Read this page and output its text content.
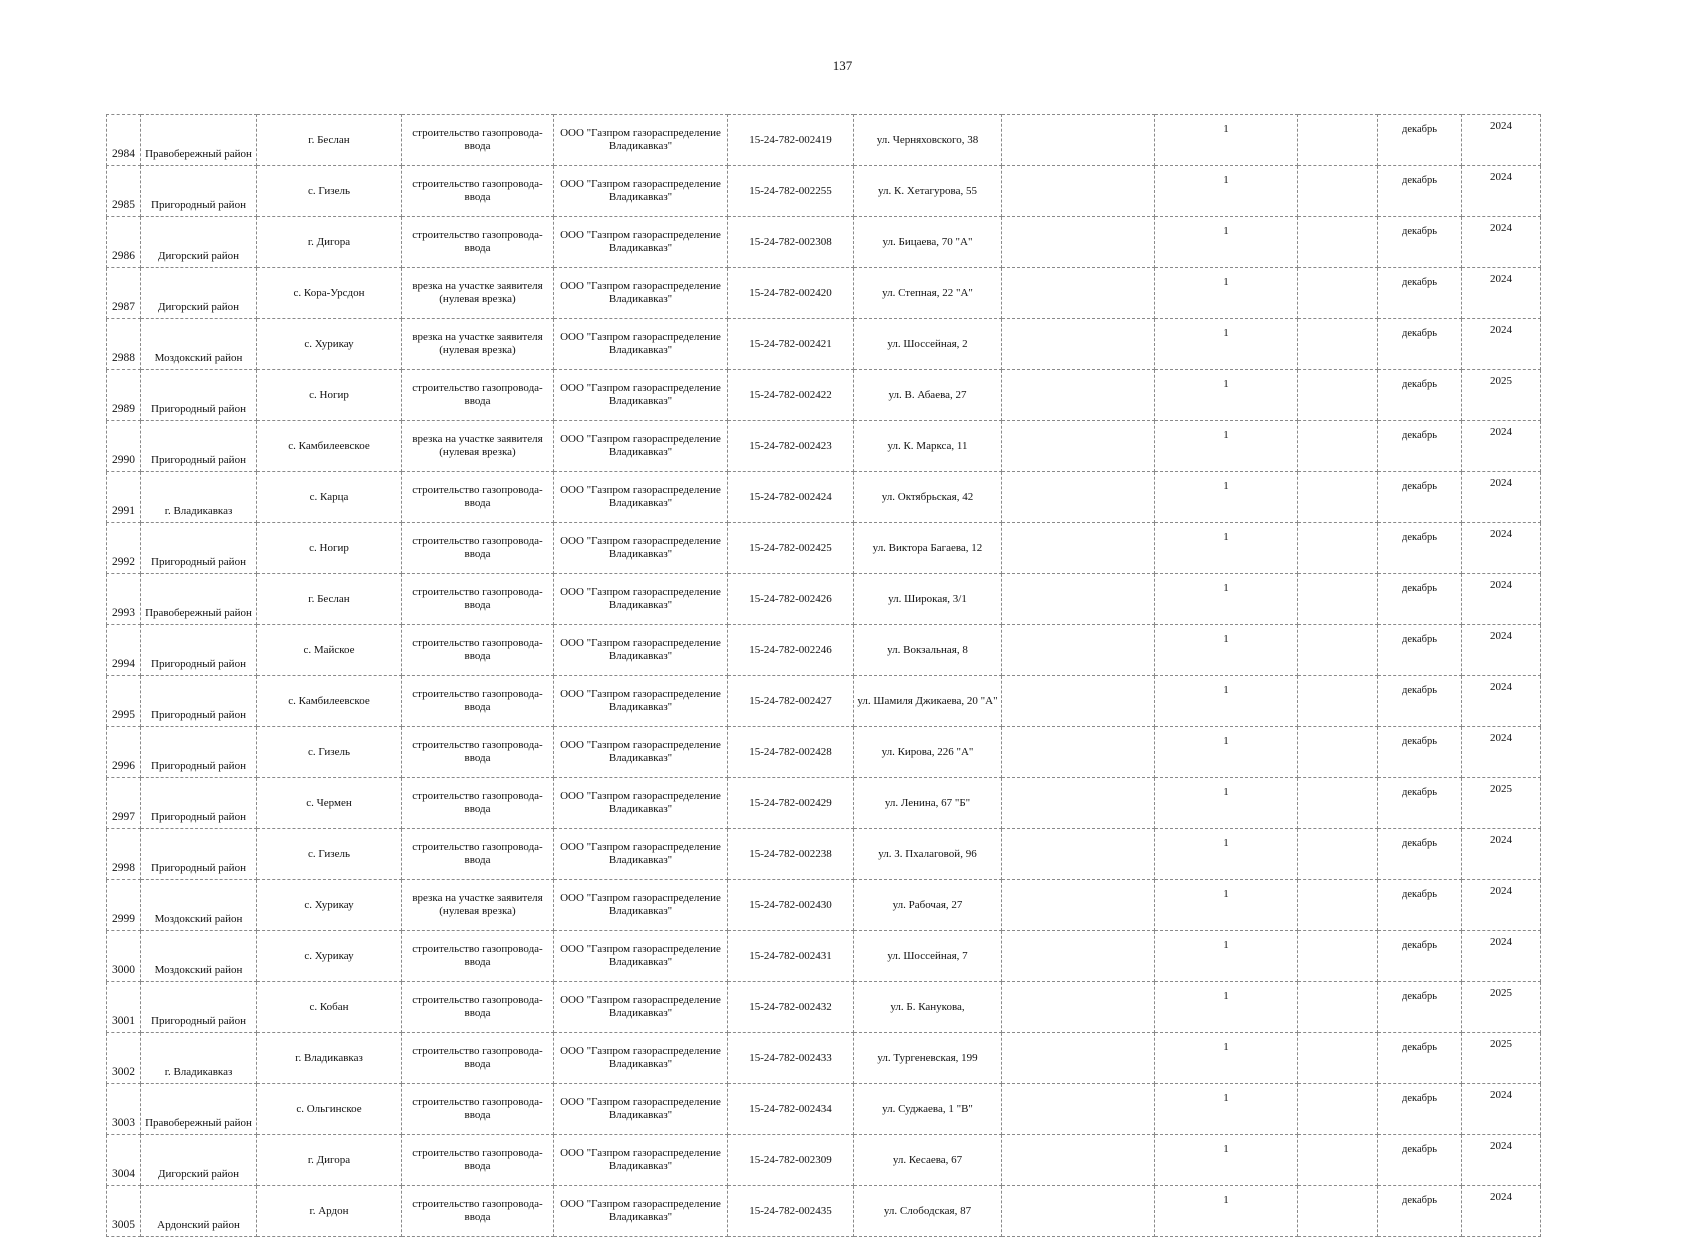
137
2984	Правобережный район	г. Беслан	строительство газопровода-ввода	ООО "Газпром газораспределение Владикавказ"	15-24-782-002419	ул. Черняховского, 38		1		декабрь	2024
2985	Пригородный район	с. Гизель	строительство газопровода-ввода	ООО "Газпром газораспределение Владикавказ"	15-24-782-002255	ул. К. Хетагурова, 55		1		декабрь	2024
2986	Дигорский район	г. Дигора	строительство газопровода-ввода	ООО "Газпром газораспределение Владикавказ"	15-24-782-002308	ул. Бицаева, 70 "А"		1		декабрь	2024
2987	Дигорский район	с. Кора-Урсдон	врезка на участке заявителя (нулевая врезка)	ООО "Газпром газораспределение Владикавказ"	15-24-782-002420	ул. Степная, 22 "А"		1		декабрь	2024
2988	Моздокский район	с. Хурикау	врезка на участке заявителя (нулевая врезка)	ООО "Газпром газораспределение Владикавказ"	15-24-782-002421	ул. Шоссейная, 2		1		декабрь	2024
2989	Пригородный район	с. Ногир	строительство газопровода-ввода	ООО "Газпром газораспределение Владикавказ"	15-24-782-002422	ул. В. Абаева, 27		1		декабрь	2025
2990	Пригородный район	с. Камбилеевское	врезка на участке заявителя (нулевая врезка)	ООО "Газпром газораспределение Владикавказ"	15-24-782-002423	ул. К. Маркса, 11		1		декабрь	2024
2991	г. Владикавказ	с. Карца	строительство газопровода-ввода	ООО "Газпром газораспределение Владикавказ"	15-24-782-002424	ул. Октябрьская, 42		1		декабрь	2024
2992	Пригородный район	с. Ногир	строительство газопровода-ввода	ООО "Газпром газораспределение Владикавказ"	15-24-782-002425	ул. Виктора Багаева, 12		1		декабрь	2024
2993	Правобережный район	г. Беслан	строительство газопровода-ввода	ООО "Газпром газораспределение Владикавказ"	15-24-782-002426	ул. Широкая, 3/1		1		декабрь	2024
2994	Пригородный район	с. Майское	строительство газопровода-ввода	ООО "Газпром газораспределение Владикавказ"	15-24-782-002246	ул. Вокзальная, 8		1		декабрь	2024
2995	Пригородный район	с. Камбилеевское	строительство газопровода-ввода	ООО "Газпром газораспределение Владикавказ"	15-24-782-002427	ул. Шамиля Джикаева, 20 "А"		1		декабрь	2024
2996	Пригородный район	с. Гизель	строительство газопровода-ввода	ООО "Газпром газораспределение Владикавказ"	15-24-782-002428	ул. Кирова, 226 "А"		1		декабрь	2024
2997	Пригородный район	с. Чермен	строительство газопровода-ввода	ООО "Газпром газораспределение Владикавказ"	15-24-782-002429	ул. Ленина, 67 "Б"		1		декабрь	2025
2998	Пригородный район	с. Гизель	строительство газопровода-ввода	ООО "Газпром газораспределение Владикавказ"	15-24-782-002238	ул. З. Пхалаговой, 96		1		декабрь	2024
2999	Моздокский район	с. Хурикау	врезка на участке заявителя (нулевая врезка)	ООО "Газпром газораспределение Владикавказ"	15-24-782-002430	ул. Рабочая, 27		1		декабрь	2024
3000	Моздокский район	с. Хурикау	строительство газопровода-ввода	ООО "Газпром газораспределение Владикавказ"	15-24-782-002431	ул. Шоссейная, 7		1		декабрь	2024
3001	Пригородный район	с. Кобан	строительство газопровода-ввода	ООО "Газпром газораспределение Владикавказ"	15-24-782-002432	ул. Б. Канукова,		1		декабрь	2025
3002	г. Владикавказ	г. Владикавказ	строительство газопровода-ввода	ООО "Газпром газораспределение Владикавказ"	15-24-782-002433	ул. Тургеневская, 199		1		декабрь	2025
3003	Правобережный район	с. Ольгинское	строительство газопровода-ввода	ООО "Газпром газораспределение Владикавказ"	15-24-782-002434	ул. Суджаева, 1 "В"		1		декабрь	2024
3004	Дигорский район	г. Дигора	строительство газопровода-ввода	ООО "Газпром газораспределение Владикавказ"	15-24-782-002309	ул. Кесаева, 67		1		декабрь	2024
3005	Ардонский район	г. Ардон	строительство газопровода-ввода	ООО "Газпром газораспределение Владикавказ"	15-24-782-002435	ул. Слободская, 87		1		декабрь	2024
